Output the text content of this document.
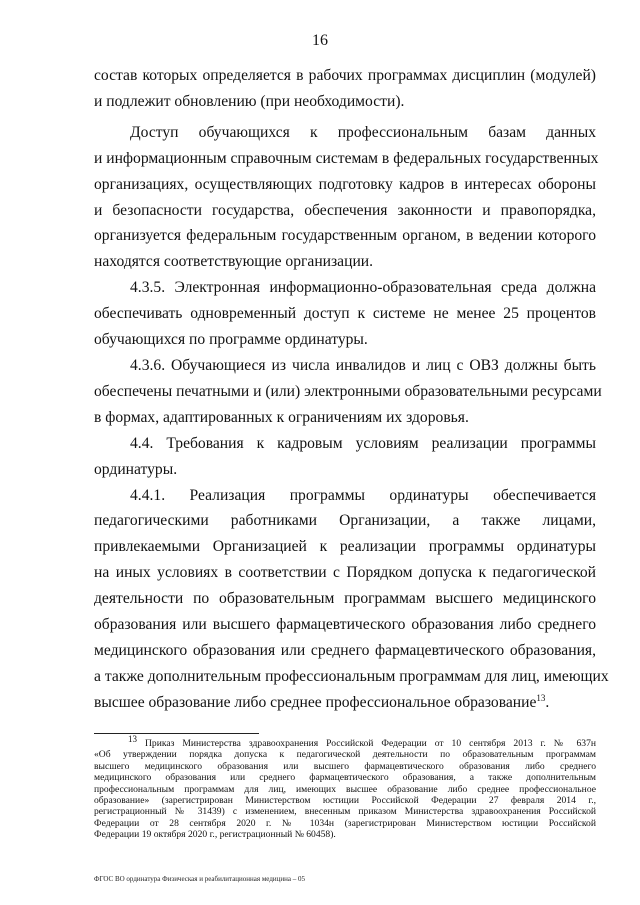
16
состав которых определяется в рабочих программах дисциплин (модулей)
и подлежит обновлению (при необходимости).
Доступ обучающихся к профессиональным базам данных
и информационным справочным системам в федеральных государственных
организациях, осуществляющих подготовку кадров в интересах обороны
и безопасности государства, обеспечения законности и правопорядка,
организуется федеральным государственным органом, в ведении которого
находятся соответствующие организации.
4.3.5. Электронная информационно-образовательная среда должна
обеспечивать одновременный доступ к системе не менее 25 процентов
обучающихся по программе ординатуры.
4.3.6. Обучающиеся из числа инвалидов и лиц с ОВЗ должны быть
обеспечены печатными и (или) электронными образовательными ресурсами
в формах, адаптированных к ограничениям их здоровья.
4.4. Требования к кадровым условиям реализации программы
ординатуры.
4.4.1. Реализация программы ординатуры обеспечивается
педагогическими работниками Организации, а также лицами,
привлекаемыми Организацией к реализации программы ординатуры
на иных условиях в соответствии с Порядком допуска к педагогической
деятельности по образовательным программам высшего медицинского
образования или высшего фармацевтического образования либо среднего
медицинского образования или среднего фармацевтического образования,
а также дополнительным профессиональным программам для лиц, имеющих
высшее образование либо среднее профессиональное образование$^{13}$.
$^{13}$ Приказ Министерства здравоохранения Российской Федерации от 10 сентября 2013 г. № 637н
«Об утверждении порядка допуска к педагогической деятельности по образовательным программам
высшего медицинского образования или высшего фармацевтического образования либо среднего
медицинского образования или среднего фармацевтического образования, а также дополнительным
профессиональным программам для лиц, имеющих высшее образование либо среднее профессиональное
образование» (зарегистрирован Министерством юстиции Российской Федерации 27 февраля 2014 г.,
регистрационный № 31439) с изменением, внесенным приказом Министерства здравоохранения Российской
Федерации от 28 сентября 2020 г. № 1034н (зарегистрирован Министерством юстиции Российской
Федерации 19 октября 2020 г., регистрационный № 60458).
ФГОС ВО ординатура Физическая и реабилитационная медицина – 05
